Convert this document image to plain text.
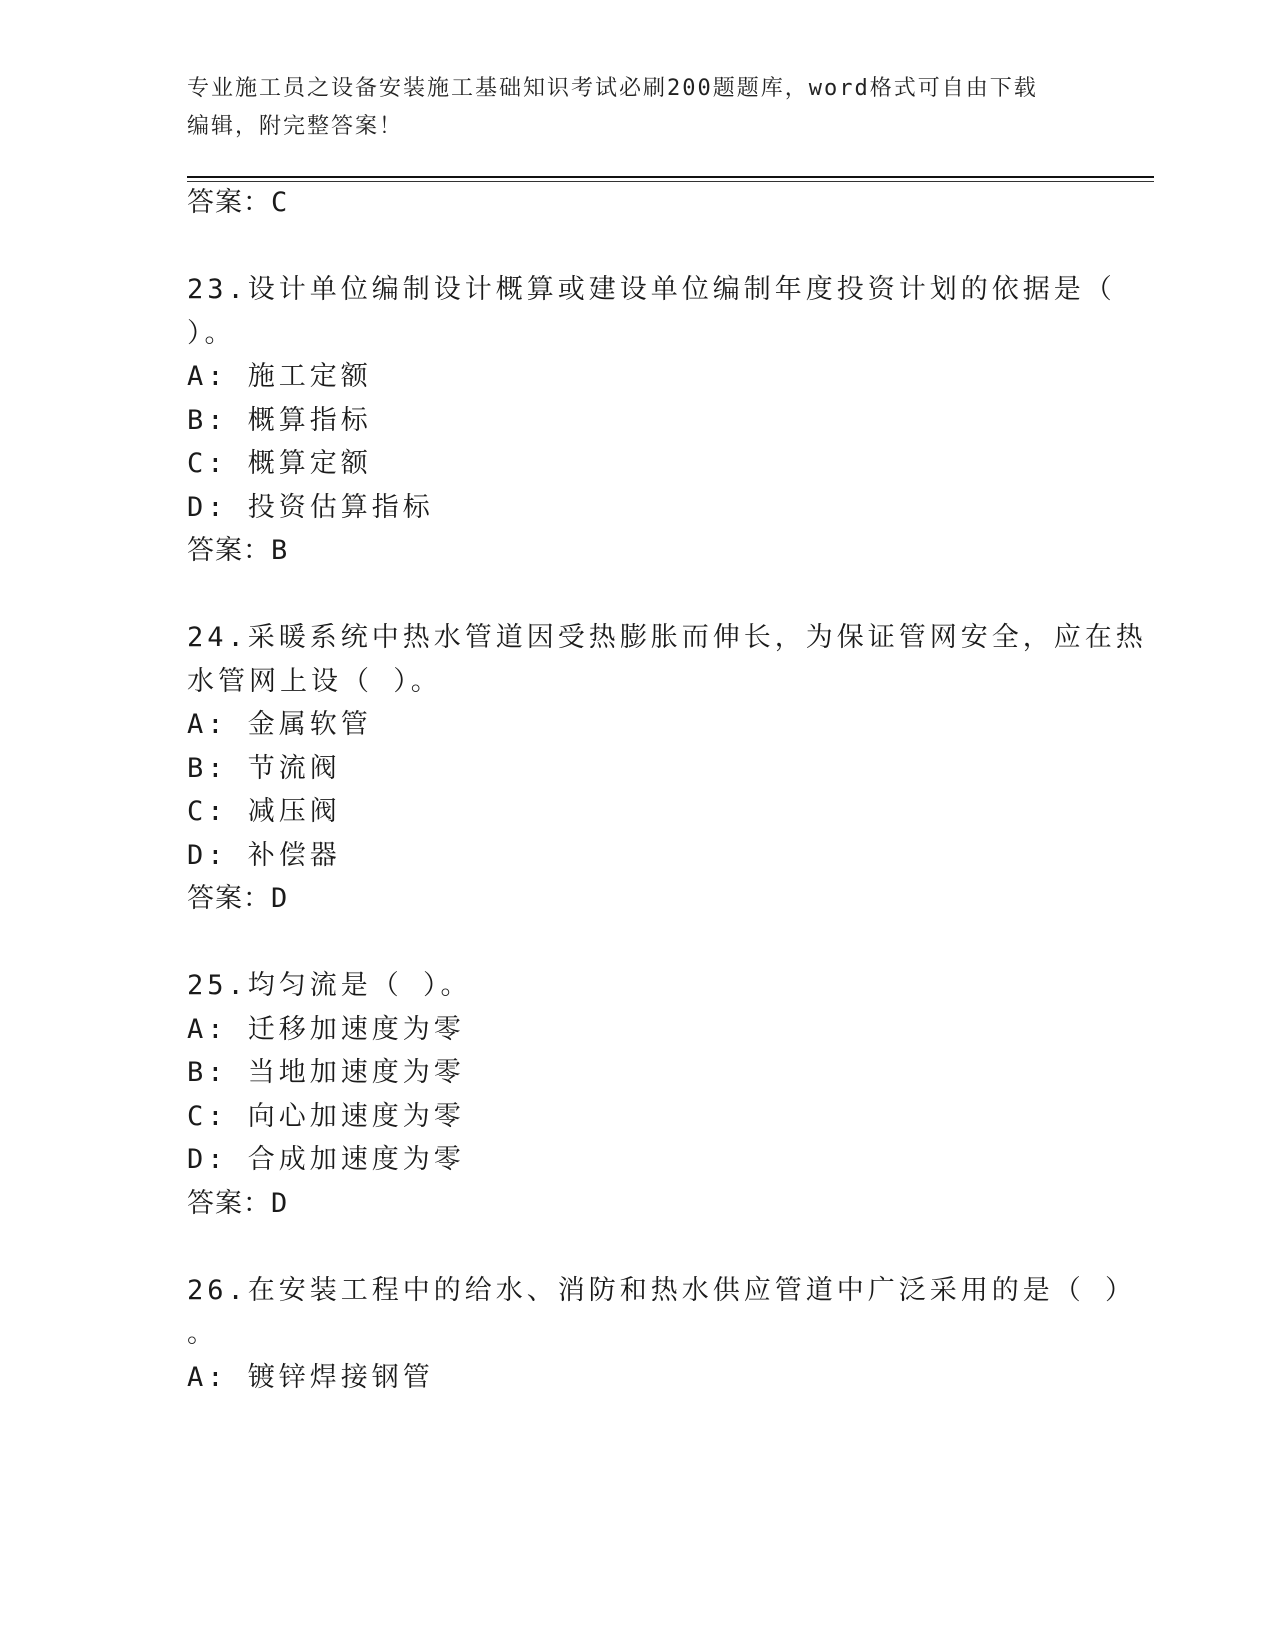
专业施工员之设备安装施工基础知识考试必刷200题题库，word格式可自由下载
编辑，附完整答案！
答案：C
23.设计单位编制设计概算或建设单位编制年度投资计划的依据是（
）。
A: 施工定额
B: 概算指标
C: 概算定额
D: 投资估算指标
答案：B
24.采暖系统中热水管道因受热膨胀而伸长，为保证管网安全，应在热
水管网上设（ ）。
A: 金属软管
B: 节流阀
C: 减压阀
D: 补偿器
答案：D
25.均匀流是（ ）。
A: 迁移加速度为零
B: 当地加速度为零
C: 向心加速度为零
D: 合成加速度为零
答案：D
26.在安装工程中的给水、消防和热水供应管道中广泛采用的是（ ）
。
A: 镀锌焊接钢管
